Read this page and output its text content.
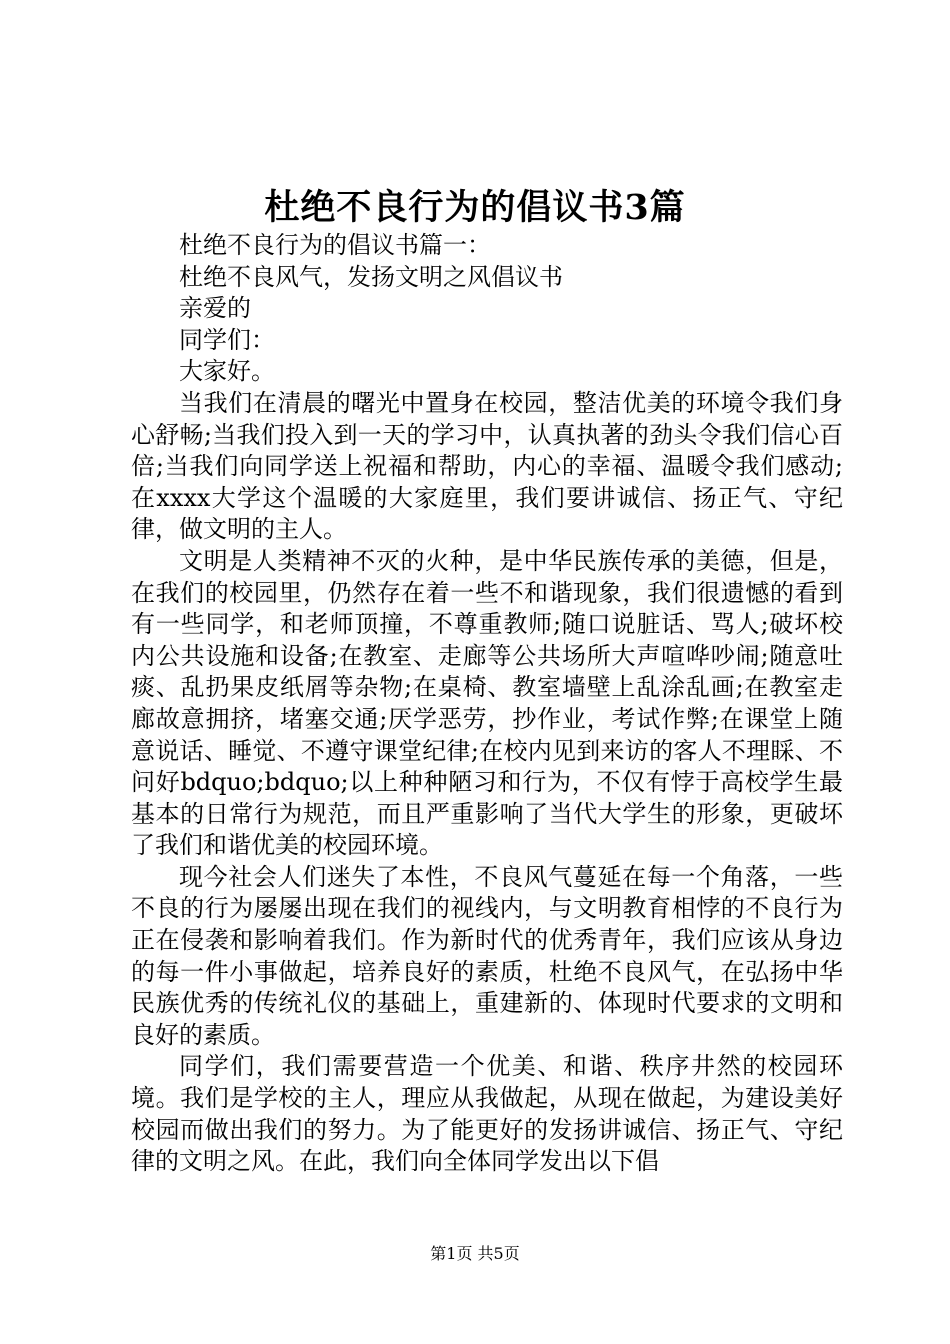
杜绝不良行为的倡议书3篇

杜绝不良行为的倡议书篇一：

杜绝不良风气，发扬文明之风倡议书

亲爱的

同学们：

大家好。

当我们在清晨的曙光中置身在校园，整洁优美的环境令我们身心舒畅;当我们投入到一天的学习中，认真执著的劲头令我们信心百倍;当我们向同学送上祝福和帮助，内心的幸福、温暖令我们感动;在xxxx大学这个温暖的大家庭里，我们要讲诚信、扬正气、守纪律，做文明的主人。

文明是人类精神不灭的火种，是中华民族传承的美德，但是，在我们的校园里，仍然存在着一些不和谐现象，我们很遗憾的看到有一些同学，和老师顶撞，不尊重教师;随口说脏话、骂人;破坏校内公共设施和设备;在教室、走廊等公共场所大声喧哗吵闹;随意吐痰、乱扔果皮纸屑等杂物;在桌椅、教室墙壁上乱涂乱画;在教室走廊故意拥挤，堵塞交通;厌学恶劳，抄作业，考试作弊;在课堂上随意说话、睡觉、不遵守课堂纪律;在校内见到来访的客人不理睬、不问好bdquo;bdquo;以上种种陋习和行为，不仅有悖于高校学生最基本的日常行为规范，而且严重影响了当代大学生的形象，更破坏了我们和谐优美的校园环境。

现今社会人们迷失了本性，不良风气蔓延在每一个角落，一些不良的行为屡屡出现在我们的视线内，与文明教育相悖的不良行为正在侵袭和影响着我们。作为新时代的优秀青年，我们应该从身边的每一件小事做起，培养良好的素质，杜绝不良风气，在弘扬中华民族优秀的传统礼仪的基础上，重建新的、体现时代要求的文明和良好的素质。

同学们，我们需要营造一个优美、和谐、秩序井然的校园环境。我们是学校的主人，理应从我做起，从现在做起，为建设美好校园而做出我们的努力。为了能更好的发扬讲诚信、扬正气、守纪律的文明之风。在此，我们向全体同学发出以下倡

第1页 共5页
